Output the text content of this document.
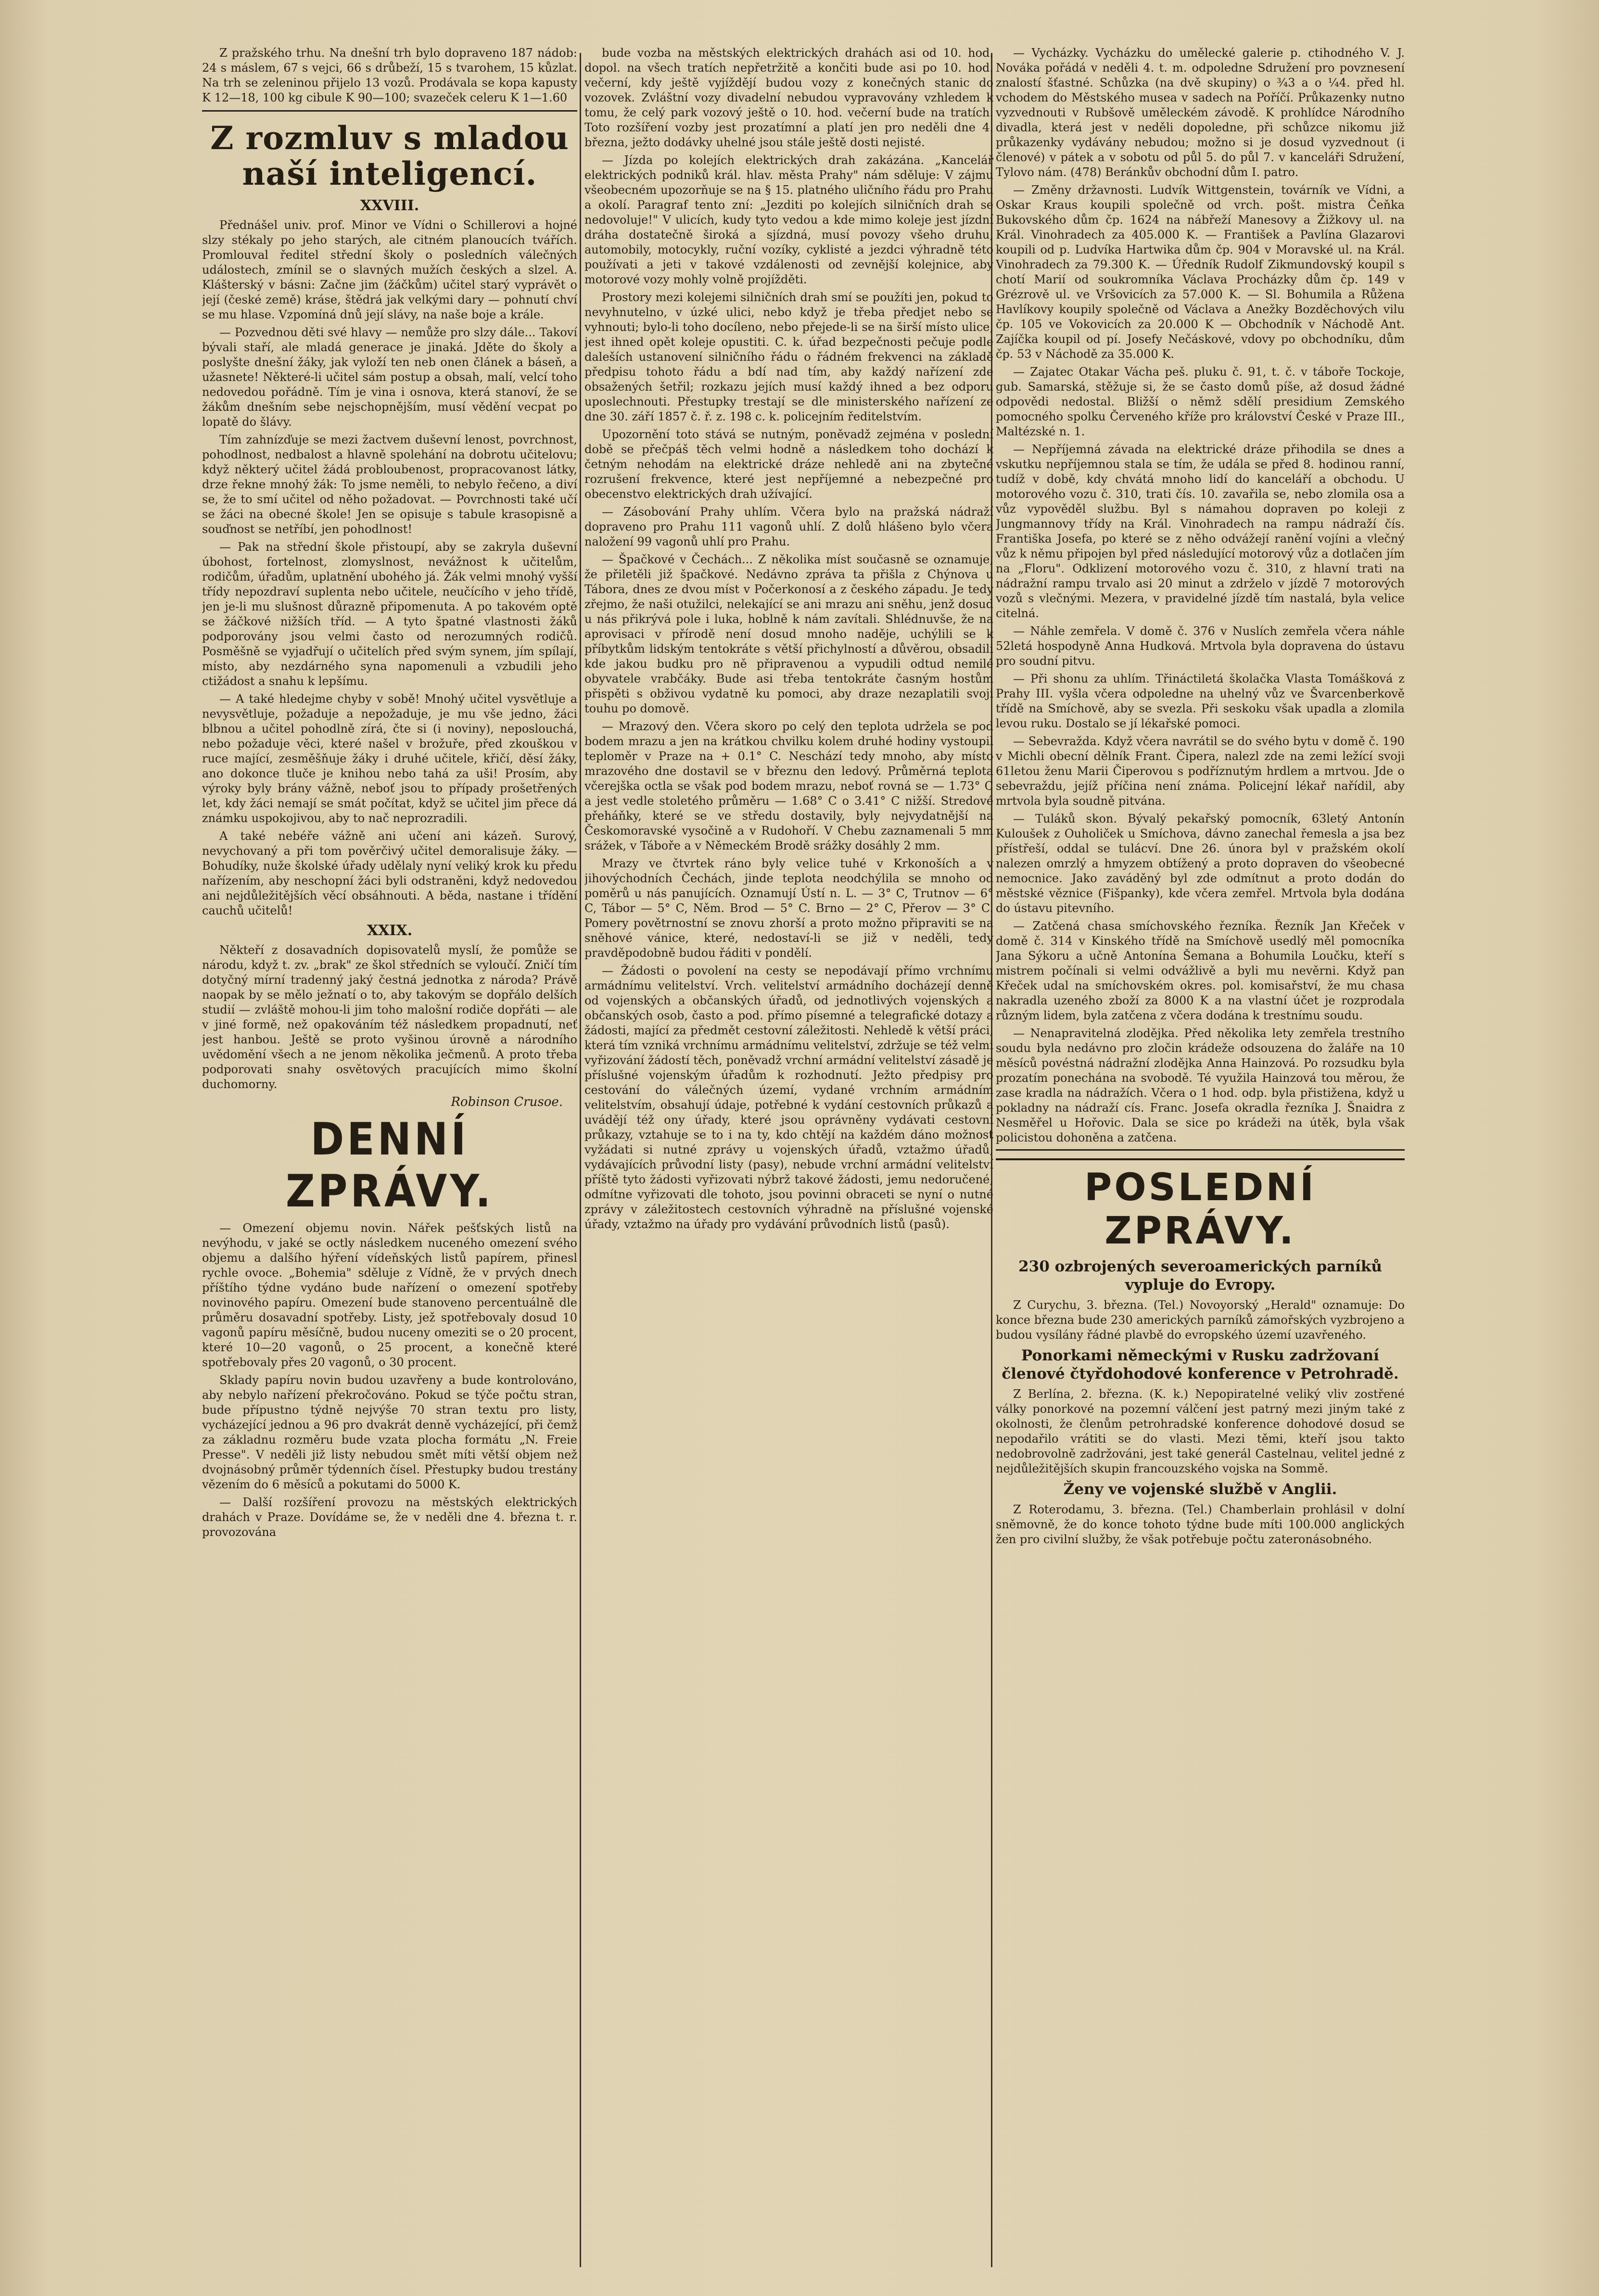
Z pražského trhu. Na dnešní trh bylo dopraveno 187 nádob: 24 s máslem, 67 s vejci, 66 s drůbeží, 15 s tvarohem, 15 kůzlat. Na trh se zeleninou přijelo 13 vozů. Prodávala se kopa kapusty K 12—18, 100 kg cibule K 90—100; svazeček celeru K 1—1.60

Z rozmluv s mladou naší inteligencí.
XXVIII.

Přednášel univ. prof. Minor ve Vídni o Schillerovi a hojné slzy stékaly po jeho starých, ale citném planoucích tvářích. Promlouval ředitel střední školy o posledních válečných událostech, zmínil se o slavných mužích českých a slzel. A. Klášterský v básni: Začne jim (žáčkům) učitel starý vyprávět o její (české země) kráse, štědrá jak velkými dary — pohnutí chví se mu hlase. Vzpomíná dnů její slávy, na naše boje a krále.

— Pozvednou děti své hlavy — nemůže pro slzy dále... Takoví bývali staří, ale mladá generace je jinaká. Jděte do školy a poslyšte dnešní žáky, jak vyloží ten neb onen článek a báseň, a užasnete! Některé-li učitel sám postup a obsah, malí, velcí toho nedovedou pořádně. Tím je vina i osnova, která stanoví, že se žákům dnešním sebe nejschopnějším, musí vědění vecpat po lopatě do šlávy.

Tím zahnízďuje se mezi žactvem duševní lenost, povrchnost, pohodlnost, nedbalost a hlavně spolehání na dobrotu učitelovu; když některý učitel žádá probloubenost, propracovanost látky, drze řekne mnohý žák: To jsme neměli, to nebylo řečeno, a diví se, že to smí učitel od něho požadovat. — Povrchnosti také učí se žáci na obecné škole! Jen se opisuje s tabule krasopisně a souďnost se netříbí, jen pohodlnost!

— Pak na střední škole přistoupí, aby se zakryla duševní úbohost, fortelnost, zlomyslnost, nevážnost k učitelům, rodičům, úřadům, uplatnění ubohého já. Žák velmi mnohý vyšší třídy nepozdraví suplenta nebo učitele, neučícího v jeho třídě, jen je-li mu slušnost důrazně připomenuta. A po takovém optě se žáčkové nižších tříd. — A tyto špatné vlastnosti žáků podporovány jsou velmi často od nerozumných rodičů. Posměšně se vyjadřují o učitelích před svým synem, jím spílají, místo, aby nezdárného syna napomenuli a vzbudili jeho ctižádost a snahu k lepšímu.

— A také hledejme chyby v sobě! Mnohý učitel vysvětluje a nevysvětluje, požaduje a nepožaduje, je mu vše jedno, žáci blbnou a učitel pohodlně zírá, čte si (i noviny), neposlouchá, nebo požaduje věci, které našel v brožuře, před zkouškou v ruce mající, zesměšňuje žáky i druhé učitele, křičí, děsí žáky, ano dokonce tluče je knihou nebo tahá za uši! Prosím, aby výroky byly brány vážně, neboť jsou to případy prošetřených let, kdy žáci nemají se smát počítat, když se učitel jim přece dá známku uspokojivou, aby to nač neprozradili.

A také nebéře vážně ani učení ani kázeň. Surový, nevychovaný a při tom pověrčivý učitel demoralisuje žáky. — Bohudíky, nuže školské úřady udělaly nyní veliký krok ku předu nařízením, aby neschopní žáci byli odstraněni, když nedovedou ani nejdůležitějších věcí obsáhnouti. A běda, nastane i třídění cauchů učitelů!

XXIX.

Někteří z dosavadních dopisovatelů myslí, že pomůže se národu, když t. zv. „brak" ze škol středních se vyloučí. Zničí tím dotyčný mírní tradenný jaký čestná jednotka z národa? Právě naopak by se mělo ježnatí o to, aby takovým se dopřálo delších studií — zvláště mohou-li jim toho malošní rodiče dopřáti — ale v jiné formě, než opakováním též následkem propadnutí, neť jest hanbou. Ještě se proto vyšinou úrovně a národního uvědomění všech a ne jenom několika ječmenů. A proto třeba podporovati snahy osvětových pracujících mimo školní duchomorny.

Robinson Crusoe.
DENNÍ ZPRÁVY.

— Omezení objemu novin. Nářek pešťských listů na nevýhodu, v jaké se octly následkem nuceného omezení svého objemu a dalšího hýření vídeňských listů papírem, přinesl rychle ovoce. „Bohemia" sděluje z Vídně, že v prvých dnech příštího týdne vydáno bude nařízení o omezení spotřeby novinového papíru. Omezení bude stanoveno percentuálně dle průměru dosavadní spotřeby. Listy, jež spotřebovaly dosud 10 vagonů papíru měsíčně, budou nuceny omeziti se o 20 procent, které 10—20 vagonů, o 25 procent, a konečně které spotřebovaly přes 20 vagonů, o 30 procent.

Sklady papíru novin budou uzavřeny a bude kontrolováno, aby nebylo nařízení překročováno. Pokud se týče počtu stran, bude přípustno týdně nejvýše 70 stran textu pro listy, vycházející jednou a 96 pro dvakrát denně vycházející, při čemž za základnu rozměru bude vzata plocha formátu „N. Freie Presse". V neděli již listy nebudou smět míti větší objem než dvojnásobný průměr týdenních čísel. Přestupky budou trestány vězením do 6 měsíců a pokutami do 5000 K.

— Další rozšíření provozu na městských elektrických drahách v Praze. Dovídáme se, že v neděli dne 4. března t. r. provozována

bude vozba na městských elektrických drahách asi od 10. hod. dopol. na všech tratích nepřetržitě a končiti bude asi po 10. hod. večerní, kdy ještě vyjíždějí budou vozy z konečných stanic do vozovek. Zvláštní vozy divadelní nebudou vypravovány vzhledem k tomu, že celý park vozový ještě o 10. hod. večerní bude na tratích. Toto rozšíření vozby jest prozatímní a platí jen pro neděli dne 4. března, ježto dodávky uhelné jsou stále ještě dosti nejisté.

— Jízda po kolejích elektrických drah zakázána. „Kancelář elektrických podniků král. hlav. města Prahy" nám sděluje: V zájmu všeobecném upozorňuje se na § 15. platného uličního řádu pro Prahu a okolí. Paragraf tento zní: „Jezditi po kolejích silničních drah se nedovoluje!" V ulicích, kudy tyto vedou a kde mimo koleje jest jízdní dráha dostatečně široká a sjízdná, musí povozy všeho druhu, automobily, motocykly, ruční vozíky, cyklisté a jezdci výhradně této používati a jeti v takové vzdálenosti od zevnější kolejnice, aby motorové vozy mohly volně projížděti.

Prostory mezi kolejemi silničních drah smí se použíti jen, pokud to nevyhnutelno, v úzké ulici, nebo když je třeba předjet nebo se vyhnouti; bylo-li toho docíleno, nebo přejede-li se na širší místo ulice, jest ihned opět koleje opustiti. C. k. úřad bezpečnosti pečuje podle daleších ustanovení silničního řádu o řádném frekvenci na základě předpisu tohoto řádu a bdí nad tím, aby každý nařízení zde obsažených šetřil; rozkazu jejích musí každý ihned a bez odporu uposlechnouti. Přestupky trestají se dle ministerského nařízení ze dne 30. září 1857 č. ř. z. 198 c. k. policejním ředitelstvím.

Upozornění toto stává se nutným, poněvadž zejména v poslední době se přečpáš těch velmi hodně a následkem toho dochází k četným nehodám na elektrické dráze nehledě ani na zbytečné rozrušení frekvence, které jest nepříjemné a nebezpečné pro obecenstvo elektrických drah užívající.

— Zásobování Prahy uhlím. Včera bylo na pražská nádraží dopraveno pro Prahu 111 vagonů uhlí. Z dolů hlášeno bylo včera naložení 99 vagonů uhlí pro Prahu.

— Špačkové v Čechách... Z několika míst současně se oznamuje, že přiletěli již špačkové. Nedávno zpráva ta přišla z Chýnova u Tábora, dnes ze dvou míst v Počerkonosí a z českého západu. Je tedy zřejmo, že naši otužilci, nelekající se ani mrazu ani sněhu, jenž dosud u nás přikrývá pole i luka, hoblně k nám zavítali. Shlédnuvše, že na aprovisaci v přírodě není dosud mnoho naděje, uchýlili se k příbytkům lidským tentokráte s větší přichylností a důvěrou, obsadili kde jakou budku pro ně připravenou a vypudili odtud nemilé obyvatele vrabčáky. Bude asi třeba tentokráte časným hostům přispěti s obživou vydatně ku pomoci, aby draze nezaplatili svoji touhu po domově.

— Mrazový den. Včera skoro po celý den teplota udržela se pod bodem mrazu a jen na krátkou chvilku kolem druhé hodiny vystoupil teploměr v Praze na + 0.1° C. Neschází tedy mnoho, aby místo mrazového dne dostavil se v březnu den ledový. Průměrná teplota včerejška octla se však pod bodem mrazu, neboť rovná se — 1.73° C a jest vedle stoletého průměru — 1.68° C o 3.41° C nižší. Stredové přeháňky, které se ve středu dostavily, byly nejvydatnější na Českomoravské vysočině a v Rudohoří. V Chebu zaznamenali 5 mm srážek, v Táboře a v Německém Brodě srážky dosáhly 2 mm.

Mrazy ve čtvrtek ráno byly velice tuhé v Krkonoších a v jihovýchodních Čechách, jinde teplota neodchýlila se mnoho od poměrů u nás panujících. Oznamují Ústí n. L. — 3° C, Trutnov — 6° C, Tábor — 5° C, Něm. Brod — 5° C. Brno — 2° C, Přerov — 3° C. Pomery povětrnostní se znovu zhorší a proto možno připraviti se na sněhové vánice, které, nedostaví-li se již v neděli, tedy pravděpodobně budou řáditi v pondělí.

— Žádosti o povolení na cesty se nepodávají přímo vrchnímu armádnímu velitelství. Vrch. velitelství armádního docházejí denně od vojenských a občanských úřadů, od jednotlivých vojenských a občanských osob, často a pod. přímo písemné a telegrafické dotazy a žádosti, mající za předmět cestovní záležitosti. Nehledě k větší práci, která tím vzniká vrchnímu armádnímu velitelství, zdržuje se též velmi vyřizování žádostí těch, poněvadž vrchní armádní velitelství zásadě je příslušné vojenským úřadům k rozhodnutí. Ježto předpisy pro cestování do válečných území, vydané vrchním armádním velitelstvím, obsahují údaje, potřebné k vydání cestovních průkazů a uvádějí též ony úřady, které jsou oprávněny vydávati cestovní průkazy, vztahuje se to i na ty, kdo chtějí na každém dáno možnost vyžádati si nutné zprávy u vojenských úřadů, vztažmo úřadů, vydávajících průvodní listy (pasy), nebude vrchní armádní velitelství příště tyto žádosti vyřizovati nýbrž takové žádosti, jemu nedoručené, odmítne vyřizovati dle tohoto, jsou povinni obraceti se nyní o nutné zprávy v záležitostech cestovních výhradně na příslušné vojenské úřady, vztažmo na úřady pro vydávání průvodních listů (pasů).

— Vycházky. Vycházku do umělecké galerie p. ctihodného V. J. Nováka pořádá v neděli 4. t. m. odpoledne Sdružení pro povznesení znalostí šťastné. Schůzka (na dvě skupiny) o ¾3 a o ¼4. před hl. vchodem do Městského musea v sadech na Poříčí. Průkazenky nutno vyzvednouti v Rubšově uměleckém závodě. K prohlídce Národního divadla, která jest v neděli dopoledne, při schůzce nikomu již průkazenky vydávány nebudou; možno si je dosud vyzvednout (i členové) v pátek a v sobotu od půl 5. do půl 7. v kanceláři Sdružení, Tylovo nám. (478) Beránkův obchodní dům I. patro.

— Změny državnosti. Ludvík Wittgenstein, továrník ve Vídni, a Oskar Kraus koupili společně od vrch. pošt. mistra Čeňka Bukovského dům čp. 1624 na nábřeží Manesovy a Žižkovy ul. na Král. Vinohradech za 405.000 K. — František a Pavlína Glazarovi koupili od p. Ludvíka Hartwika dům čp. 904 v Moravské ul. na Král. Vinohradech za 79.300 K. — Úředník Rudolf Zikmundovský koupil s chotí Marií od soukromníka Václava Procházky dům čp. 149 v Grézrově ul. ve Vršovicích za 57.000 K. — Sl. Bohumila a Růžena Havlíkovy koupily společně od Václava a Anežky Bozděchových vilu čp. 105 ve Vokovicích za 20.000 K — Obchodník v Náchodě Ant. Zajíčka koupil od pí. Josefy Nečáskové, vdovy po obchodníku, dům čp. 53 v Náchodě za 35.000 K.

— Zajatec Otakar Vácha peš. pluku č. 91, t. č. v táboře Tockoje, gub. Samarská, stěžuje si, že se často domů píše, až dosud žádné odpovědi nedostal. Bližší o němž sdělí presidium Zemského pomocného spolku Červeného kříže pro království České v Praze III., Maltézské n. 1.

— Nepříjemná závada na elektrické dráze přihodila se dnes a vskutku nepříjemnou stala se tím, že udála se před 8. hodinou ranní, tudíž v době, kdy chvátá mnoho lidí do kanceláří a obchodu. U motorového vozu č. 310, trati čís. 10. zavařila se, nebo zlomila osa a vůz vypověděl službu. Byl s námahou dopraven po koleji z Jungmannovy třídy na Král. Vinohradech na rampu nádraží čís. Františka Josefa, po které se z něho odvážejí ranění vojíni a vlečný vůz k němu připojen byl před následující motorový vůz a dotlačen jím na „Floru". Odklizení motorového vozu č. 310, z hlavní trati na nádražní rampu trvalo asi 20 minut a zdrželo v jízdě 7 motorových vozů s vlečnými. Mezera, v pravidelné jízdě tím nastalá, byla velice citelná.

— Náhle zemřela. V domě č. 376 v Nuslích zemřela včera náhle 52letá hospodyně Anna Hudková. Mrtvola byla dopravena do ústavu pro soudní pitvu.

— Při shonu za uhlím. Třináctiletá školačka Vlasta Tomášková z Prahy III. vyšla včera odpoledne na uhelný vůz ve Švarcenberkově třídě na Smíchově, aby se svezla. Při seskoku však upadla a zlomila levou ruku. Dostalo se jí lékařské pomoci.

— Sebevražda. Když včera navrátil se do svého bytu v domě č. 190 v Michli obecní dělník Frant. Čipera, nalezl zde na zemi ležící svoji 61letou ženu Marii Čiperovou s podříznutým hrdlem a mrtvou. Jde o sebevraždu, jejíž příčina není známa. Policejní lékař nařídil, aby mrtvola byla soudně pitvána.

— Tuláků skon. Bývalý pekařský pomocník, 63letý Antonín Kuloušek z Ouholiček u Smíchova, dávno zanechal řemesla a jsa bez přístřeší, oddal se tulácví. Dne 26. února byl v pražském okolí nalezen omrzlý a hmyzem obtížený a proto dopraven do všeobecné nemocnice. Jako zaváděný byl zde odmítnut a proto dodán do městské věznice (Fišpanky), kde včera zemřel. Mrtvola byla dodána do ústavu pitevního.

— Zatčená chasa smíchovského řezníka. Řezník Jan Křeček v domě č. 314 v Kinského třídě na Smíchově usedlý měl pomocníka Jana Sýkoru a učně Antonína Šemana a Bohumila Loučku, kteří s mistrem počínali si velmi odvážlivě a byli mu nevěrni. Když pan Křeček udal na smíchovském okres. pol. komisařství, že mu chasa nakradla uzeného zboží za 8000 K a na vlastní účet je rozprodala různým lidem, byla zatčena z včera dodána k trestnímu soudu.

— Nenapravitelná zlodějka. Před několika lety zemřela trestního soudu byla nedávno pro zločin krádeže odsouzena do žaláře na 10 měsíců povéstná nádražní zlodějka Anna Hainzová. Po rozsudku byla prozatím ponechána na svobodě. Té využila Hainzová tou měrou, že zase kradla na nádražích. Včera o 1 hod. odp. byla přistižena, když u pokladny na nádraží cís. Franc. Josefa okradla řezníka J. Šnaidra z Nesměřel u Hořovic. Dala se sice po krádeži na útěk, byla však policistou dohoněna a zatčena.

POSLEDNÍ ZPRÁVY.
230 ozbrojených severoamerických parníků vypluje do Evropy.

Z Curychu, 3. března. (Tel.) Novoyorský „Herald" oznamuje: Do konce března bude 230 amerických parníků zámořských vyzbrojeno a budou vysílány řádné plavbě do evropského území uzavřeného.

Ponorkami německými v Rusku zadržovaní členové čtyřdohodové konference v Petrohradě.

Z Berlína, 2. března. (K. k.) Nepopiratelné veliký vliv zostřené války ponorkové na pozemní válčení jest patrný mezi jiným také z okolnosti, že členům petrohradské konference dohodové dosud se nepodařilo vrátiti se do vlasti. Mezi těmi, kteří jsou takto nedobrovolně zadržováni, jest také generál Castelnau, velitel jedné z nejdůležitějších skupin francouzského vojska na Sommě.

Ženy ve vojenské službě v Anglii.

Z Roterodamu, 3. března. (Tel.) Chamberlain prohlásil v dolní sněmovně, že do konce tohoto týdne bude míti 100.000 anglických žen pro civilní služby, že však potřebuje počtu zateronásobného.
